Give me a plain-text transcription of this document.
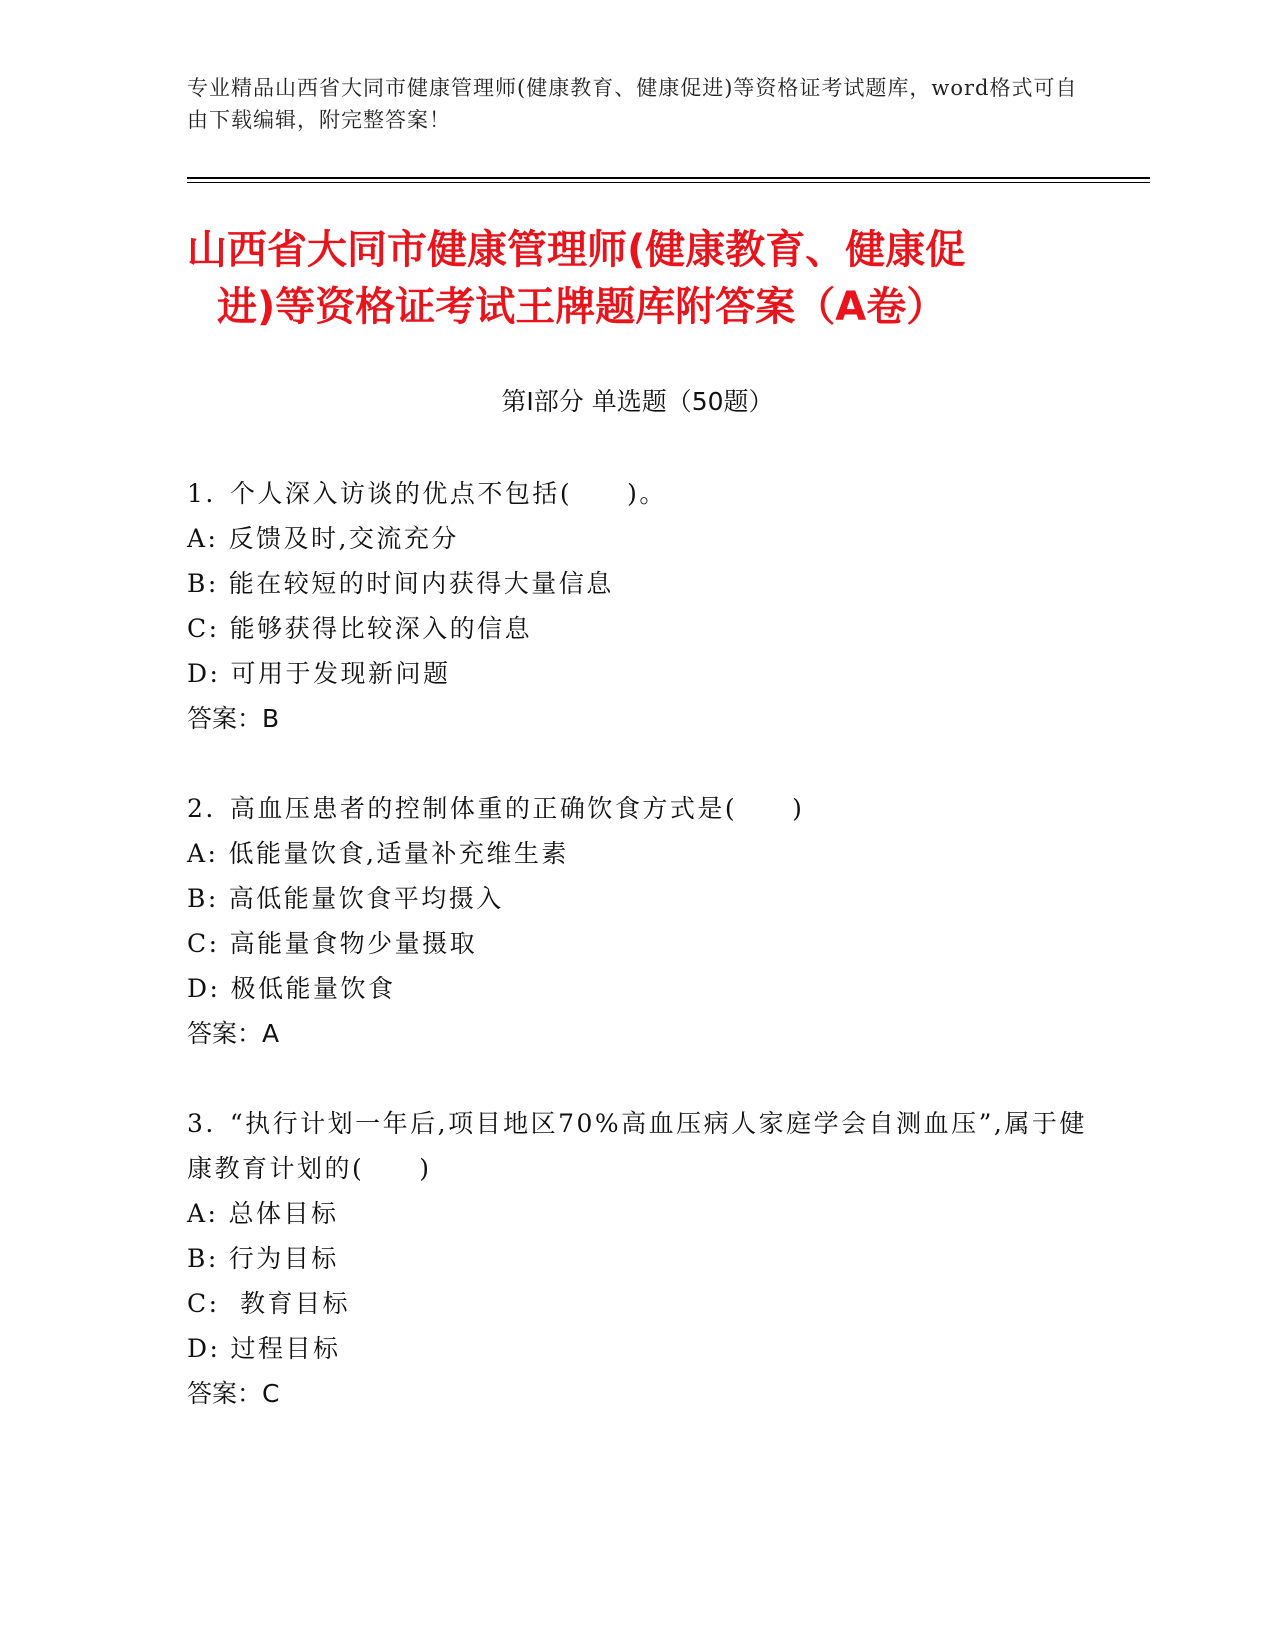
专业精品山西省大同市健康管理师(健康教育、健康促进)等资格证考试题库，word格式可自由下载编辑，附完整答案！
山西省大同市健康管理师(健康教育、健康促
进)等资格证考试王牌题库附答案（A卷）
第Ⅰ部分 单选题（50题）
1. 个人深入访谈的优点不包括(　　)。
A: 反馈及时,交流充分
B: 能在较短的时间内获得大量信息
C: 能够获得比较深入的信息
D: 可用于发现新问题
答案：B
2. 高血压患者的控制体重的正确饮食方式是(　　)
A: 低能量饮食,适量补充维生素
B: 高低能量饮食平均摄入
C: 高能量食物少量摄取
D: 极低能量饮食
答案：A
3. “执行计划一年后,项目地区70%高血压病人家庭学会自测血压”,属于健康教育计划的(　　)
A: 总体目标
B: 行为目标
C: 教育目标
D: 过程目标
答案：C
